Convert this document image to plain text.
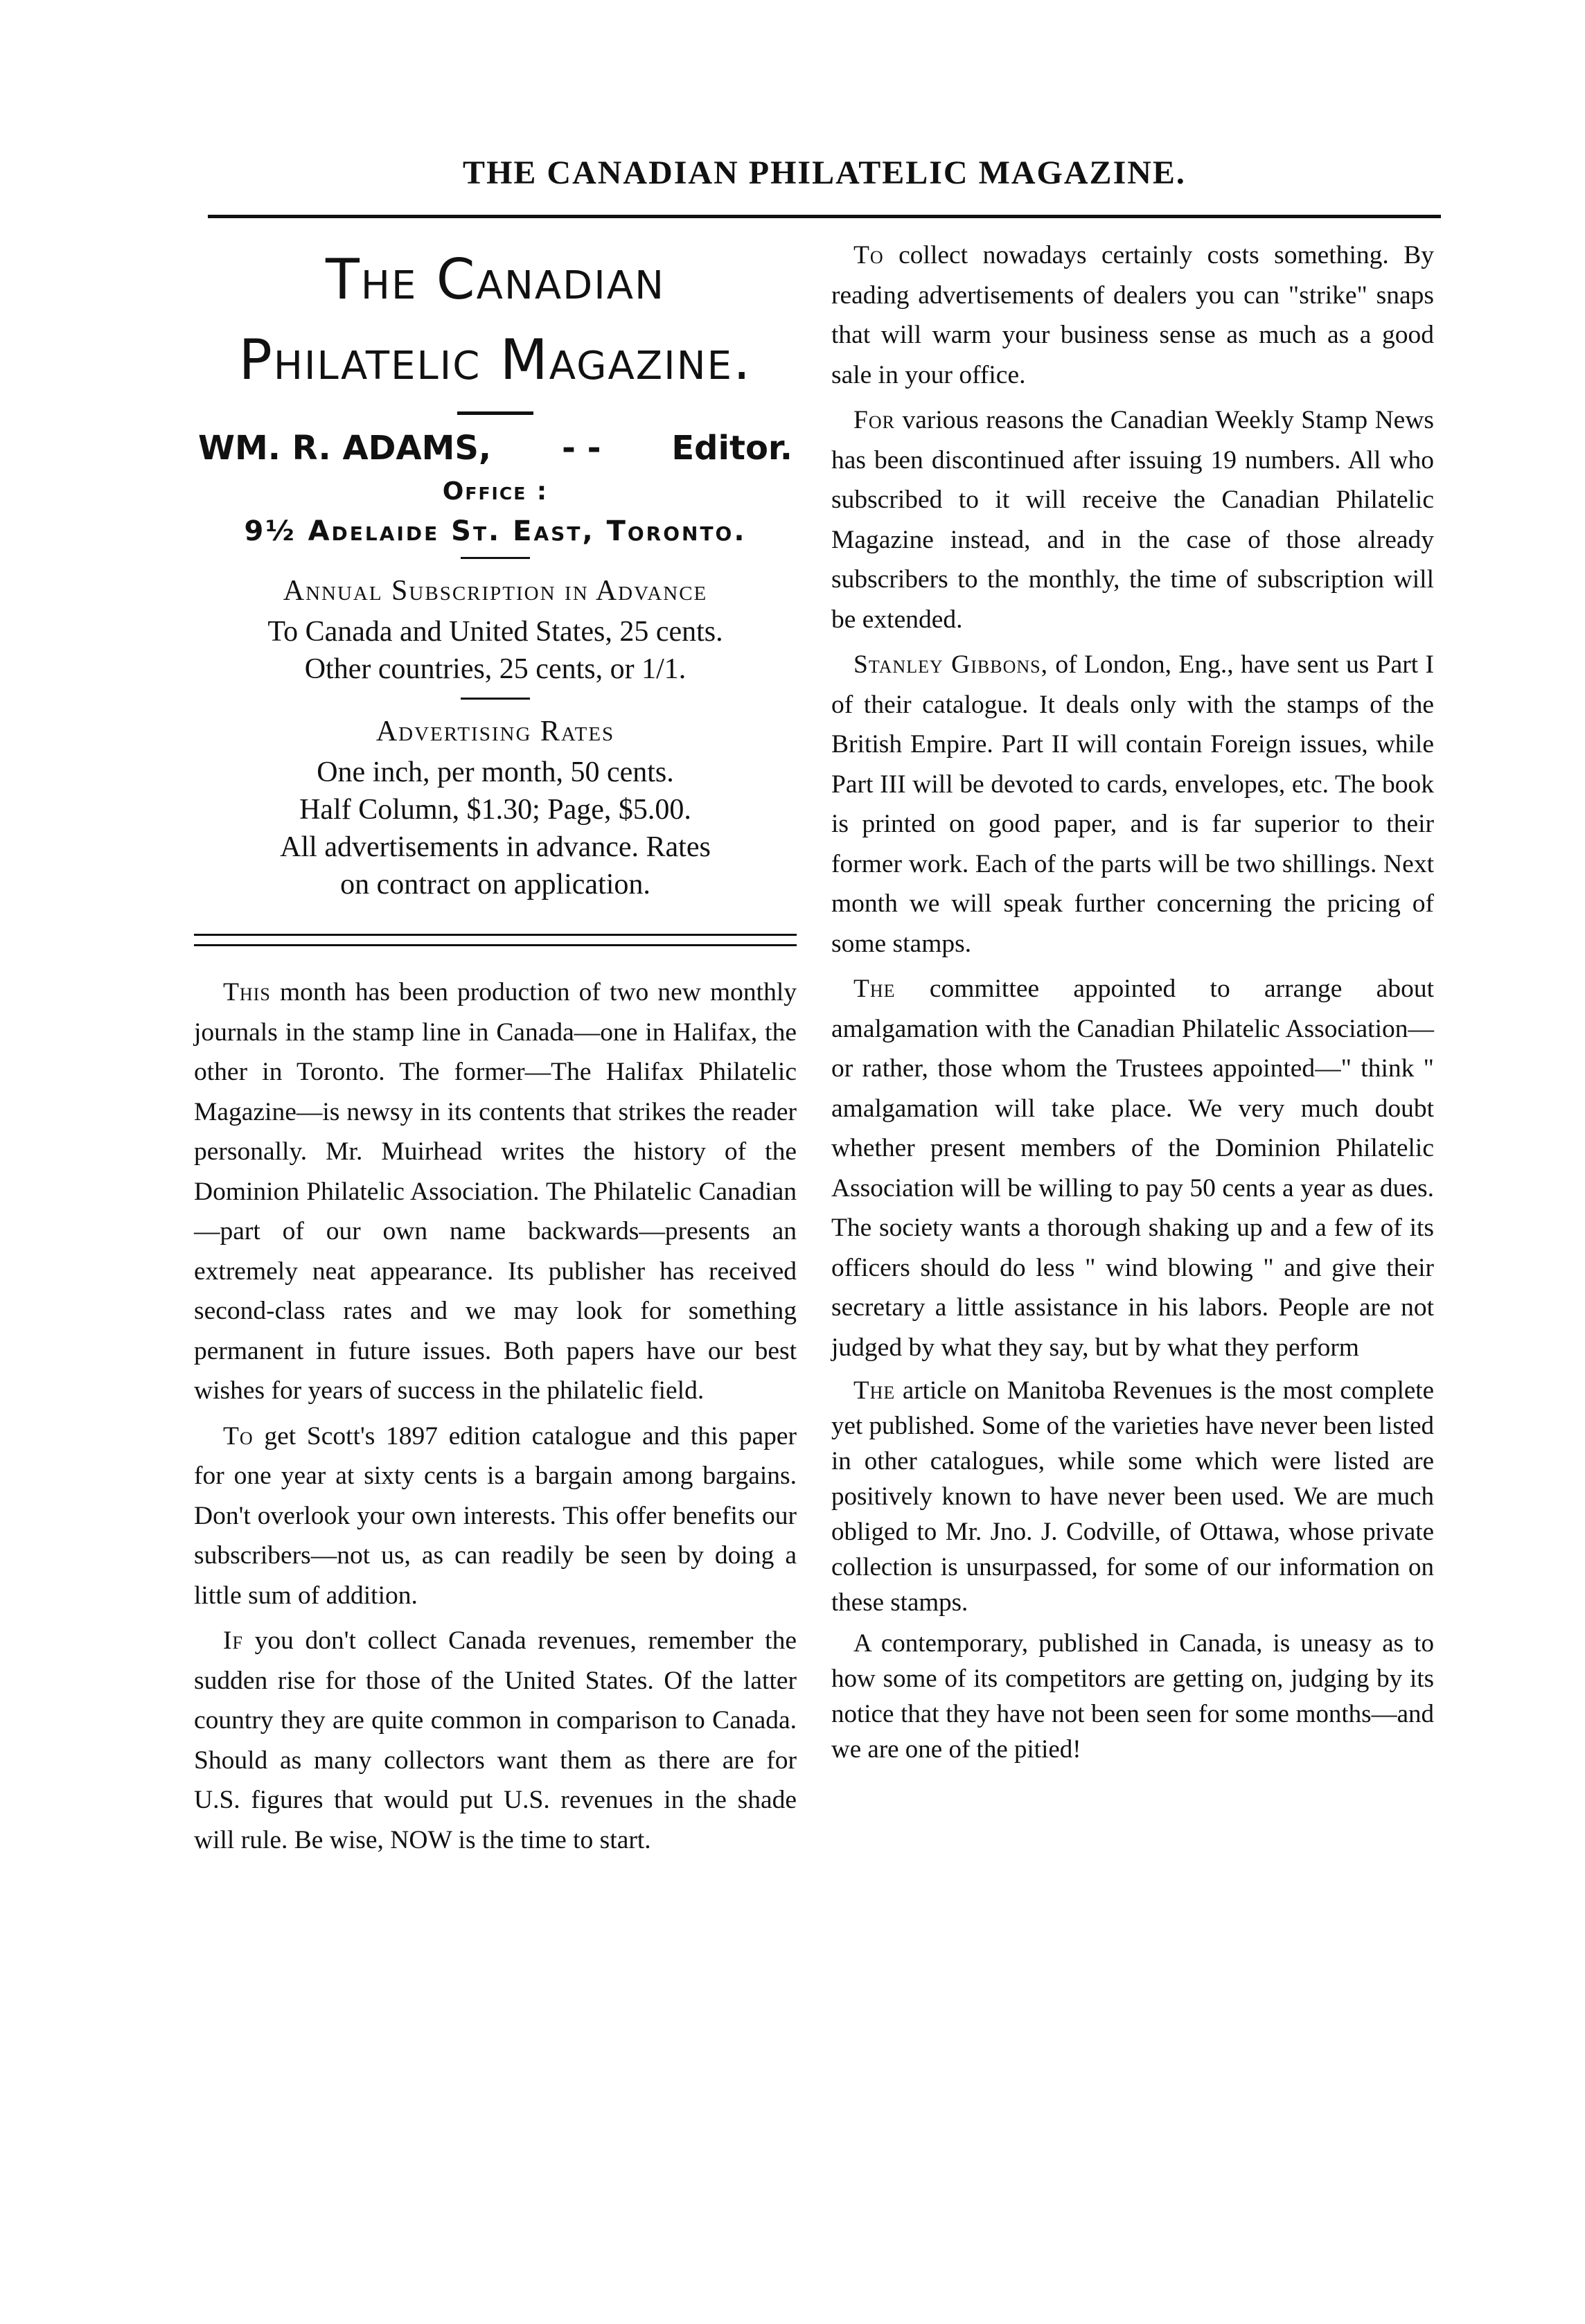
THE CANADIAN PHILATELIC MAGAZINE.
The Canadian
Philatelic Magazine.
WM. R. ADAMS, - - Editor.
Office :
9½ Adelaide St. East, Toronto.
Annual Subscription in Advance
To Canada and United States, 25 cents.
Other countries, 25 cents, or 1/1.
Advertising Rates
One inch, per month, 50 cents.
Half Column, $1.30; Page, $5.00.
All advertisements in advance. Rates
on contract on application.

This month has been production of two new monthly journals in the stamp line in Canada—one in Halifax, the other in Toronto. The former—The Halifax Philatelic Magazine—is newsy in its contents that strikes the reader personally. Mr. Muirhead writes the history of the Dominion Philatelic Association. The Philatelic Canadian—part of our own name backwards—presents an extremely neat appearance. Its publisher has received second-class rates and we may look for something permanent in future issues. Both papers have our best wishes for years of success in the philatelic field.

To get Scott's 1897 edition catalogue and this paper for one year at sixty cents is a bargain among bargains. Don't overlook your own interests. This offer benefits our subscribers—not us, as can readily be seen by doing a little sum of addition.

If you don't collect Canada revenues, remember the sudden rise for those of the United States. Of the latter country they are quite common in comparison to Canada. Should as many collectors want them as there are for U.S. figures that would put U.S. revenues in the shade will rule. Be wise, NOW is the time to start.

To collect nowadays certainly costs something. By reading advertisements of dealers you can "strike" snaps that will warm your business sense as much as a good sale in your office.

For various reasons the Canadian Weekly Stamp News has been discontinued after issuing 19 numbers. All who subscribed to it will receive the Canadian Philatelic Magazine instead, and in the case of those already subscribers to the monthly, the time of subscription will be extended.

Stanley Gibbons, of London, Eng., have sent us Part I of their catalogue. It deals only with the stamps of the British Empire. Part II will contain Foreign issues, while Part III will be devoted to cards, envelopes, etc. The book is printed on good paper, and is far superior to their former work. Each of the parts will be two shillings. Next month we will speak further concerning the pricing of some stamps.

The committee appointed to arrange about amalgamation with the Canadian Philatelic Association—or rather, those whom the Trustees appointed—" think " amalgamation will take place. We very much doubt whether present members of the Dominion Philatelic Association will be willing to pay 50 cents a year as dues. The society wants a thorough shaking up and a few of its officers should do less " wind blowing " and give their secretary a little assistance in his labors. People are not judged by what they say, but by what they perform

The article on Manitoba Revenues is the most complete yet published. Some of the varieties have never been listed in other catalogues, while some which were listed are positively known to have never been used. We are much obliged to Mr. Jno. J. Codville, of Ottawa, whose private collection is unsurpassed, for some of our information on these stamps.

A contemporary, published in Canada, is uneasy as to how some of its competitors are getting on, judging by its notice that they have not been seen for some months—and we are one of the pitied!
